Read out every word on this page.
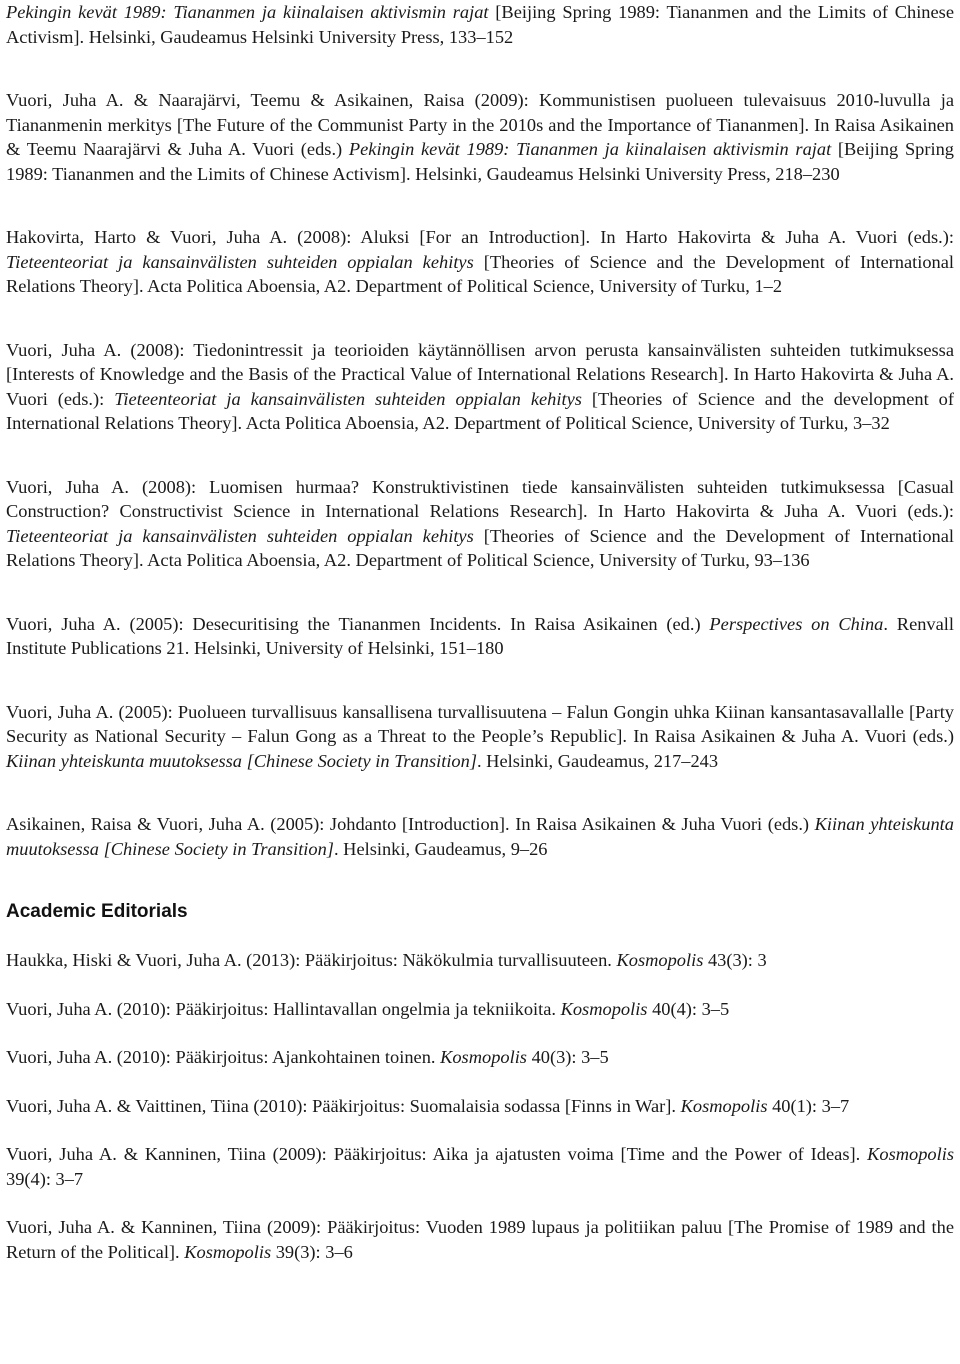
Pekingin kevät 1989: Tiananmen ja kiinalaisen aktivismin rajat [Beijing Spring 1989: Tiananmen and the Limits of Chinese Activism]. Helsinki, Gaudeamus Helsinki University Press, 133–152

Vuori, Juha A. & Naarajärvi, Teemu & Asikainen, Raisa (2009): Kommunistisen puolueen tulevaisuus 2010-luvulla ja Tiananmenin merkitys [The Future of the Communist Party in the 2010s and the Importance of Tiananmen]. In Raisa Asikainen & Teemu Naarajärvi & Juha A. Vuori (eds.) Pekingin kevät 1989: Tiananmen ja kiinalaisen aktivismin rajat [Beijing Spring 1989: Tiananmen and the Limits of Chinese Activism]. Helsinki, Gaudeamus Helsinki University Press, 218–230

Hakovirta, Harto & Vuori, Juha A. (2008): Aluksi [For an Introduction]. In Harto Hakovirta & Juha A. Vuori (eds.): Tieteenteoriat ja kansainvälisten suhteiden oppialan kehitys [Theories of Science and the Development of International Relations Theory]. Acta Politica Aboensia, A2. Department of Political Science, University of Turku, 1–2

Vuori, Juha A. (2008): Tiedonintressit ja teorioiden käytännöllisen arvon perusta kansainvälisten suhteiden tutkimuksessa [Interests of Knowledge and the Basis of the Practical Value of International Relations Research]. In Harto Hakovirta & Juha A. Vuori (eds.): Tieteenteoriat ja kansainvälisten suhteiden oppialan kehitys [Theories of Science and the development of International Relations Theory]. Acta Politica Aboensia, A2. Department of Political Science, University of Turku, 3–32

Vuori, Juha A. (2008): Luomisen hurmaa? Konstruktivistinen tiede kansainvälisten suhteiden tutkimuksessa [Casual Construction? Constructivist Science in International Relations Research]. In Harto Hakovirta & Juha A. Vuori (eds.): Tieteenteoriat ja kansainvälisten suhteiden oppialan kehitys [Theories of Science and the Development of International Relations Theory]. Acta Politica Aboensia, A2. Department of Political Science, University of Turku, 93–136

Vuori, Juha A. (2005): Desecuritising the Tiananmen Incidents. In Raisa Asikainen (ed.) Perspectives on China. Renvall Institute Publications 21. Helsinki, University of Helsinki, 151–180

Vuori, Juha A. (2005): Puolueen turvallisuus kansallisena turvallisuutena – Falun Gongin uhka Kiinan kansantasavallalle [Party Security as National Security – Falun Gong as a Threat to the People’s Republic]. In Raisa Asikainen & Juha A. Vuori (eds.) Kiinan yhteiskunta muutoksessa [Chinese Society in Transition]. Helsinki, Gaudeamus, 217–243

Asikainen, Raisa & Vuori, Juha A. (2005): Johdanto [Introduction]. In Raisa Asikainen & Juha Vuori (eds.) Kiinan yhteiskunta muutoksessa [Chinese Society in Transition]. Helsinki, Gaudeamus, 9–26

Academic Editorials

Haukka, Hiski & Vuori, Juha A. (2013): Pääkirjoitus: Näkökulmia turvallisuuteen. Kosmopolis 43(3): 3

Vuori, Juha A. (2010): Pääkirjoitus: Hallintavallan ongelmia ja tekniikoita. Kosmopolis 40(4): 3–5

Vuori, Juha A. (2010): Pääkirjoitus: Ajankohtainen toinen. Kosmopolis 40(3): 3–5

Vuori, Juha A. & Vaittinen, Tiina (2010): Pääkirjoitus: Suomalaisia sodassa [Finns in War]. Kosmopolis 40(1): 3–7

Vuori, Juha A. & Kanninen, Tiina (2009): Pääkirjoitus: Aika ja ajatusten voima [Time and the Power of Ideas]. Kosmopolis 39(4): 3–7

Vuori, Juha A. & Kanninen, Tiina (2009): Pääkirjoitus: Vuoden 1989 lupaus ja politiikan paluu [The Promise of 1989 and the Return of the Political]. Kosmopolis 39(3): 3–6
